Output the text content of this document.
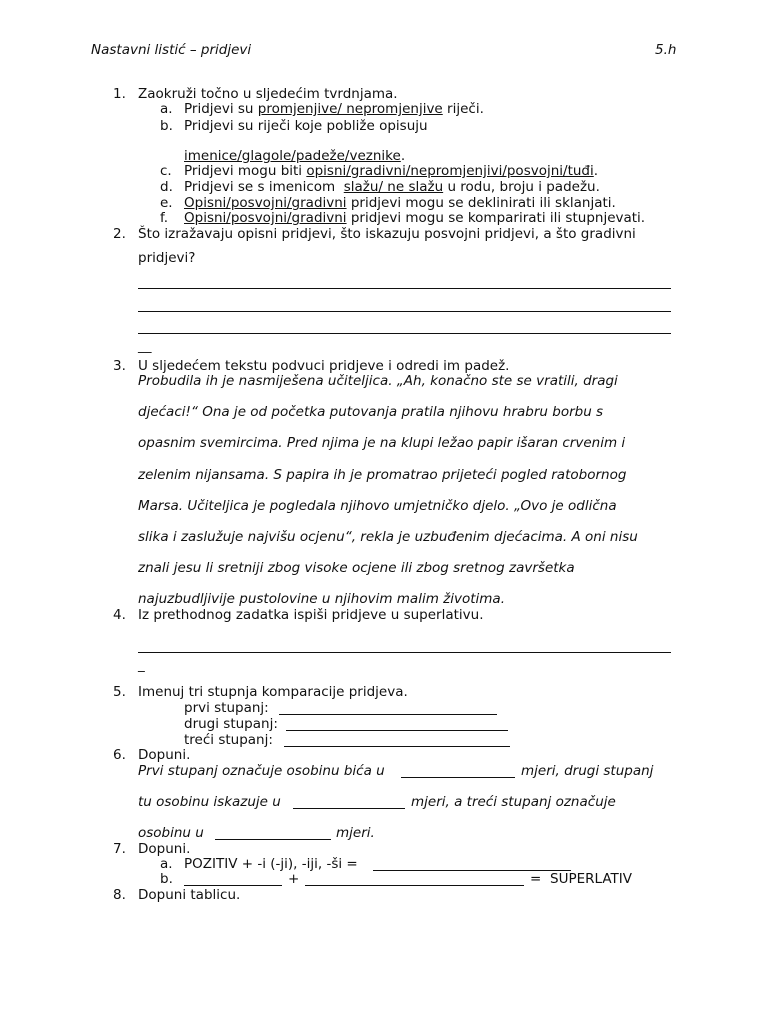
Nastavni listić – pridjevi	5.h
1. Zaokruži točno u sljedećim tvrdnjama.
a. Pridjevi su promjenjive/ nepromjenjive riječi.
b. Pridjevi su riječi koje pobliže opisuju
imenice/glagole/padeže/veznike.
c. Pridjevi mogu biti opisni/gradivni/nepromjenjivi/posvojni/tuđi.
d. Pridjevi se s imenicom  slažu/ ne slažu u rodu, broju i padežu.
e. Opisni/posvojni/gradivni pridjevi mogu se deklinirati ili sklanjati.
f. Opisni/posvojni/gradivni pridjevi mogu se komparirati ili stupnjevati.
2. Što izražavaju opisni pridjevi, što iskazuju posvojni pridjevi, a što gradivni
pridjevi?
__
3. U sljedećem tekstu podvuci pridjeve i odredi im padež.
Probudila ih je nasmiješena učiteljica. „Ah, konačno ste se vratili, dragi
djećaci!“ Ona je od početka putovanja pratila njihovu hrabru borbu s
opasnim svemircima. Pred njima je na klupi ležao papir išaran crvenim i
zelenim nijansama. S papira ih je promatrao prijeteći pogled ratobornog
Marsa. Učiteljica je pogledala njihovo umjetničko djelo. „Ovo je odlična
slika i zaslužuje najvišu ocjenu“, rekla je uzbuđenim djećacima. A oni nisu
znali jesu li sretniji zbog visoke ocjene ili zbog sretnog završetka
najuzbudljivije pustolovine u njihovim malim životima.
4. Iz prethodnog zadatka ispiši pridjeve u superlativu.
_
5. Imenuj tri stupnja komparacije pridjeva.
prvi stupanj:
drugi stupanj:
treći stupanj:
6. Dopuni.
Prvi stupanj označuje osobinu bića u	mjeri, drugi stupanj
tu osobinu iskazuje u	mjeri, a treći stupanj označuje
osobinu u	mjeri.
7. Dopuni.
a. POZITIV + -i (-ji), -iji, -ši =
b.	+	= SUPERLATIV
8. Dopuni tablicu.
